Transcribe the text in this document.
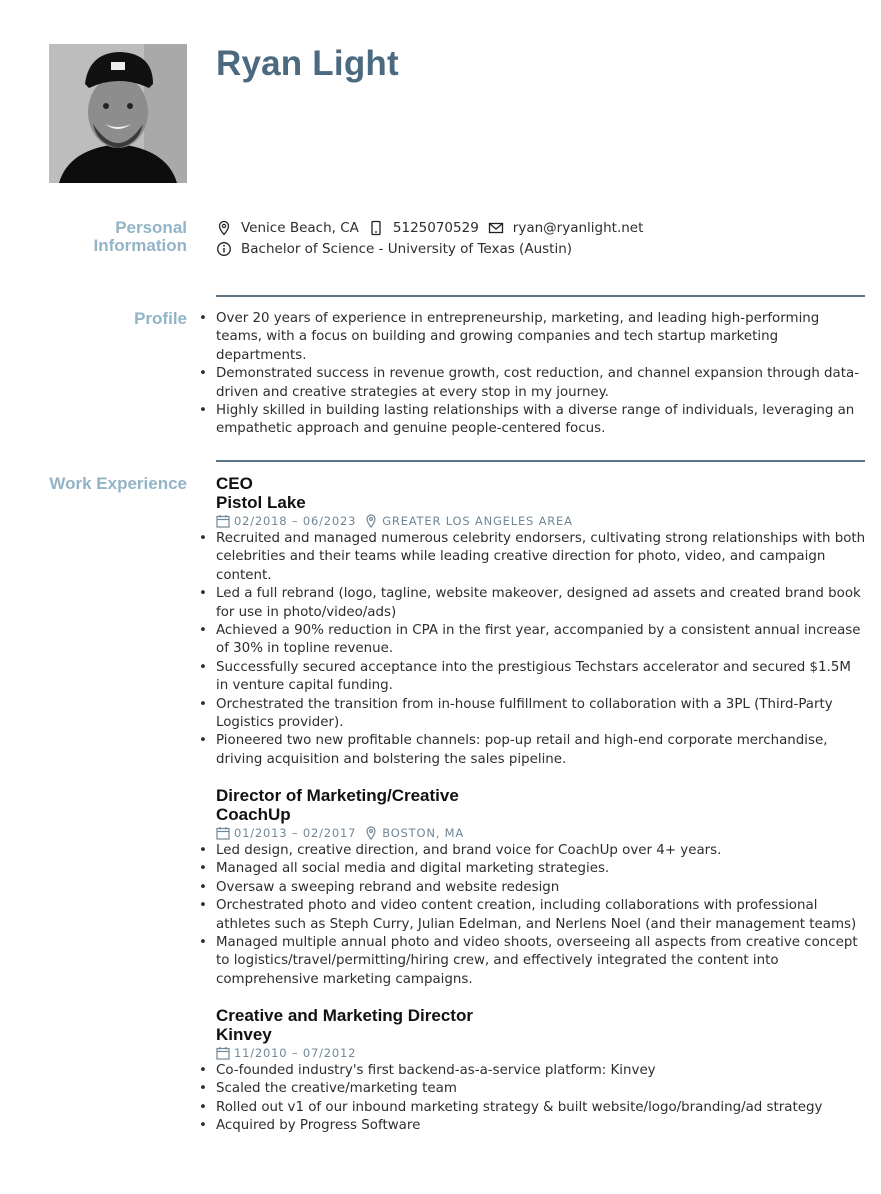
Ryan Light
Personal
Information
Venice Beach, CA	5125070529	ryan@ryanlight.net
Bachelor of Science - University of Texas (Austin)
Profile
• Over 20 years of experience in entrepreneurship, marketing, and leading high-performing teams, with a focus on building and growing companies and tech startup marketing departments.
• Demonstrated success in revenue growth, cost reduction, and channel expansion through data-driven and creative strategies at every stop in my journey.
• Highly skilled in building lasting relationships with a diverse range of individuals, leveraging an empathetic approach and genuine people-centered focus.
Work Experience CEO
Pistol Lake
02/2018 – 06/2023 GREATER LOS ANGELES AREA
• Recruited and managed numerous celebrity endorsers, cultivating strong relationships with both celebrities and their teams while leading creative direction for photo, video, and campaign content.
• Led a full rebrand (logo, tagline, website makeover, designed ad assets and created brand book for use in photo/video/ads)
• Achieved a 90% reduction in CPA in the first year, accompanied by a consistent annual increase of 30% in topline revenue.
• Successfully secured acceptance into the prestigious Techstars accelerator and secured $1.5M in venture capital funding.
• Orchestrated the transition from in-house fulfillment to collaboration with a 3PL (Third-Party Logistics provider).
• Pioneered two new profitable channels: pop-up retail and high-end corporate merchandise, driving acquisition and bolstering the sales pipeline.
Director of Marketing/Creative
CoachUp
01/2013 – 02/2017 BOSTON, MA
• Led design, creative direction, and brand voice for CoachUp over 4+ years.
• Managed all social media and digital marketing strategies.
• Oversaw a sweeping rebrand and website redesign
• Orchestrated photo and video content creation, including collaborations with professional athletes such as Steph Curry, Julian Edelman, and Nerlens Noel (and their management teams)
• Managed multiple annual photo and video shoots, overseeing all aspects from creative concept to logistics/travel/permitting/hiring crew, and effectively integrated the content into comprehensive marketing campaigns.
Creative and Marketing Director
Kinvey
11/2010 – 07/2012
• Co-founded industry's first backend-as-a-service platform: Kinvey
• Scaled the creative/marketing team
• Rolled out v1 of our inbound marketing strategy & built website/logo/branding/ad strategy
• Acquired by Progress Software
